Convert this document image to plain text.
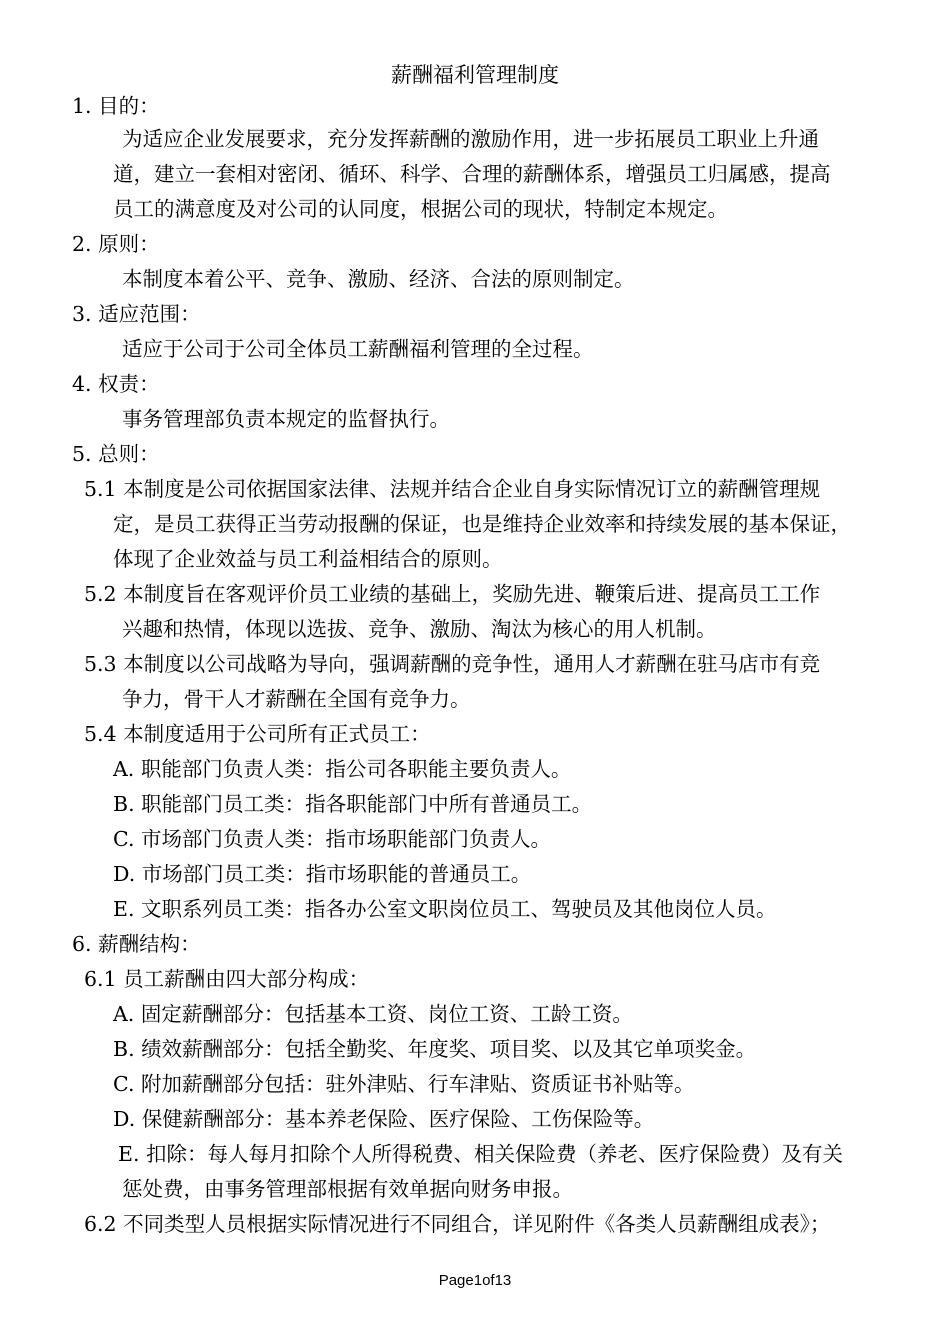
薪酬福利管理制度
1. 目的：
为适应企业发展要求，充分发挥薪酬的激励作用，进一步拓展员工职业上升通
道，建立一套相对密闭、循环、科学、合理的薪酬体系，增强员工归属感，提高
员工的满意度及对公司的认同度，根据公司的现状，特制定本规定。
2. 原则：
本制度本着公平、竞争、激励、经济、合法的原则制定。
3. 适应范围：
适应于公司于公司全体员工薪酬福利管理的全过程。
4. 权责：
事务管理部负责本规定的监督执行。
5. 总则：
5.1 本制度是公司依据国家法律、法规并结合企业自身实际情况订立的薪酬管理规
定，是员工获得正当劳动报酬的保证，也是维持企业效率和持续发展的基本保证，
体现了企业效益与员工利益相结合的原则。
5.2 本制度旨在客观评价员工业绩的基础上，奖励先进、鞭策后进、提高员工工作
兴趣和热情，体现以选拔、竞争、激励、淘汰为核心的用人机制。
5.3 本制度以公司战略为导向，强调薪酬的竞争性，通用人才薪酬在驻马店市有竞
争力，骨干人才薪酬在全国有竞争力。
5.4 本制度适用于公司所有正式员工：
A. 职能部门负责人类：指公司各职能主要负责人。
B. 职能部门员工类：指各职能部门中所有普通员工。
C. 市场部门负责人类：指市场职能部门负责人。
D. 市场部门员工类：指市场职能的普通员工。
E. 文职系列员工类：指各办公室文职岗位员工、驾驶员及其他岗位人员。
6. 薪酬结构：
6.1 员工薪酬由四大部分构成：
A. 固定薪酬部分：包括基本工资、岗位工资、工龄工资。
B. 绩效薪酬部分：包括全勤奖、年度奖、项目奖、以及其它单项奖金。
C. 附加薪酬部分包括：驻外津贴、行车津贴、资质证书补贴等。
D. 保健薪酬部分：基本养老保险、医疗保险、工伤保险等。
E. 扣除：每人每月扣除个人所得税费、相关保险费（养老、医疗保险费）及有关
惩处费，由事务管理部根据有效单据向财务申报。
6.2 不同类型人员根据实际情况进行不同组合，详见附件《各类人员薪酬组成表》；
Page1of13
